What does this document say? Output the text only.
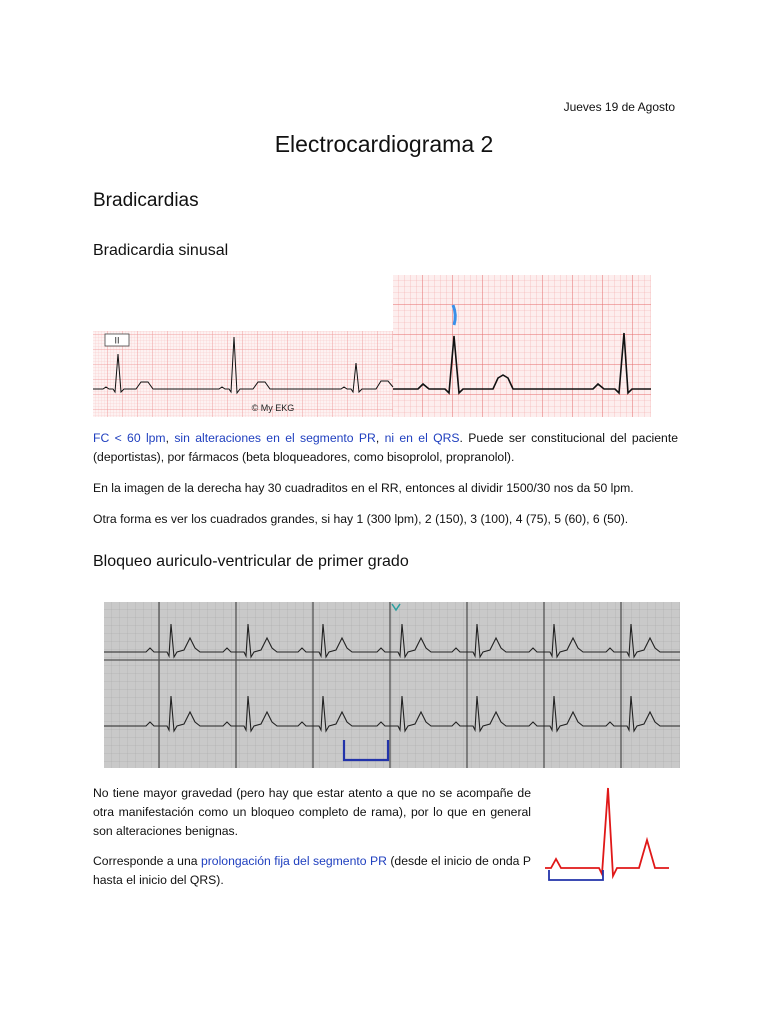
Jueves 19 de Agosto
Electrocardiograma 2
Bradicardias
Bradicardia sinusal
II
© My EKG
FC < 60 lpm, sin alteraciones en el segmento PR, ni en el QRS. Puede ser constitucional del paciente (deportistas), por fármacos (beta bloqueadores, como bisoprolol, propranolol).
En la imagen de la derecha hay 30 cuadraditos en el RR, entonces al dividir 1500/30 nos da 50 lpm.
Otra forma es ver los cuadrados grandes, si hay 1 (300 lpm), 2 (150), 3 (100), 4 (75), 5 (60), 6 (50).
Bloqueo auriculo-ventricular de primer grado
No tiene mayor gravedad (pero hay que estar atento a que no se acompañe de otra manifestación como un bloqueo completo de rama), por lo que en general son alteraciones benignas.
Corresponde a una prolongación fija del segmento PR (desde el inicio de onda P hasta el inicio del QRS).
